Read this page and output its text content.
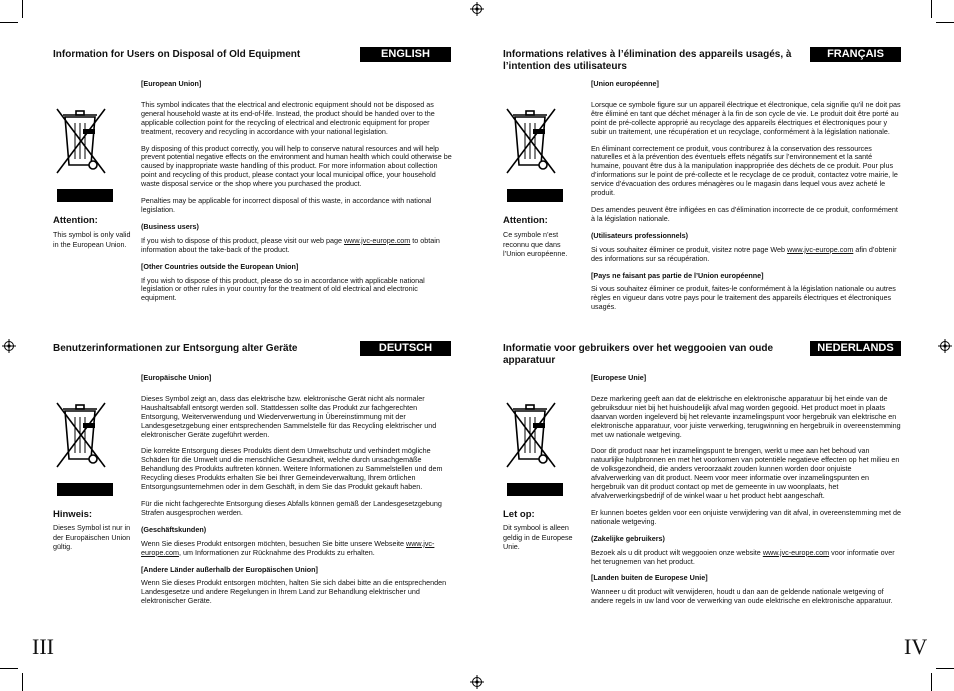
III	IV
Information for Users on Disposal of Old Equipment	ENGLISH
Attention:
This symbol is only valid in the European Union.

[European Union]

This symbol indicates that the electrical and electronic equipment should not be disposed as general household waste at its end-of-life. Instead, the product should be handed over to the applicable collection point for the recycling of electrical and electronic equipment for proper treatment, recovery and recycling in accordance with your national legislation.

By disposing of this product correctly, you will help to conserve natural resources and will help prevent potential negative effects on the environment and human health which could otherwise be caused by inappropriate waste handling of this product. For more information about collection point and recycling of this product, please contact your local municipal office, your household waste disposal service or the shop where you purchased the product.

Penalties may be applicable for incorrect disposal of this waste, in accordance with national legislation.

(Business users)

If you wish to dispose of this product, please visit our web page www.jvc-europe.com to obtain information about the take-back of the product.

[Other Countries outside the European Union]

If you wish to dispose of this product, please do so in accordance with applicable national legislation or other rules in your country for the treatment of old electrical and electronic equipment.

Informations relatives à l’élimination des appareils usagés, à l’intention des utilisateurs
FRANÇAIS
Attention:
Ce symbole n’est reconnu que dans l’Union européenne.

[Union européenne]

Lorsque ce symbole figure sur un appareil électrique et électronique, cela signifie qu’il ne doit pas être éliminé en tant que déchet ménager à la fin de son cycle de vie. Le produit doit être porté au point de pré-collecte approprié au recyclage des appareils électriques et électroniques pour y subir un traitement, une récupération et un recyclage, conformément à la législation nationale.

En éliminant correctement ce produit, vous contriburez à la conservation des ressources naturelles et à la prévention des éventuels effets négatifs sur l’environnement et la santé humaine, pouvant être dus à la manipulation inappropriée des déchets de ce produit. Pour plus d’informations sur le point de pré-collecte et le recyclage de ce produit, contactez votre mairie, le service d’évacuation des ordures ménagères ou le magasin dans lequel vous avez acheté le produit.

Des amendes peuvent être infligées en cas d’élimination incorrecte de ce produit, conformément à la législation nationale.

(Utilisateurs professionnels)

Si vous souhaitez éliminer ce produit, visitez notre page Web www.jvc-europe.com afin d’obtenir des informations sur sa récupération.

[Pays ne faisant pas partie de l’Union européenne]

Si vous souhaitez éliminer ce produit, faites-le conformément à la législation nationale ou autres règles en vigueur dans votre pays pour le traitement des appareils électriques et électroniques usagés.

Benutzerinformationen zur Entsorgung alter Geräte	DEUTSCH
Hinweis:
Dieses Symbol ist nur in der Europäischen Union gültig.

[Europäische Union]

Dieses Symbol zeigt an, dass das elektrische bzw. elektronische Gerät nicht als normaler Haushaltsabfall entsorgt werden soll. Stattdessen sollte das Produkt zur fachgerechten Entsorgung, Weiterverwendung und Wiederverwertung in Übereinstimmung mit der Landesgesetzgebung einer entsprechenden Sammelstelle für das Recycling elektrischer und elektronischer Geräte zugeführt werden.

Die korrekte Entsorgung dieses Produkts dient dem Umweltschutz und verhindert mögliche Schäden für die Umwelt und die menschliche Gesundheit, welche durch unsachgemäße Behandlung des Produkts auftreten können. Weitere Informationen zu Sammelstellen und dem Recycling dieses Produkts erhalten Sie bei Ihrer Gemeindeverwaltung, Ihrem örtlichen Entsorgungsunternehmen oder in dem Geschäft, in dem Sie das Produkt gekauft haben.

Für die nicht fachgerechte Entsorgung dieses Abfalls können gemäß der Landesgesetzgebung Strafen ausgesprochen werden.

(Geschäftskunden)

Wenn Sie dieses Produkt entsorgen möchten, besuchen Sie bitte unsere Webseite www.jvc-europe.com, um Informationen zur Rücknahme des Produkts zu erhalten.

[Andere Länder außerhalb der Europäischen Union]

Wenn Sie dieses Produkt entsorgen möchten, halten Sie sich dabei bitte an die entsprechenden Landesgesetze und andere Regelungen in Ihrem Land zur Behandlung elektrischer und elektronischer Geräte.

Informatie voor gebruikers over het weggooien van oude apparatuur
NEDERLANDS
Let op:
Dit symbool is alleen geldig in de Europese Unie.

[Europese Unie]

Deze markering geeft aan dat de elektrische en elektronische apparatuur bij het einde van de gebruiksduur niet bij het huishoudelijk afval mag worden gegooid. Het product moet in plaats daarvan worden ingeleverd bij het relevante inzamelingspunt voor hergebruik van elektrische en elektronische apparatuur, voor juiste verwerking, terugwinning en hergebruik in overeenstemming met uw nationale wetgeving.

Door dit product naar het inzamelingspunt te brengen, werkt u mee aan het behoud van natuurlijke hulpbronnen en met het voorkomen van potentiële negatieve effecten op het milieu en de volksgezondheid, die anders veroorzaakt zouden kunnen worden door onjuiste afvalverwerking van dit product. Neem voor meer informatie over inzamelingspunten en hergebruik van dit product contact op met de gemeente in uw woonplaats, het afvalverwerkingsbedrijf of de winkel waar u het product hebt aangeschaft.

Er kunnen boetes gelden voor een onjuiste verwijdering van dit afval, in overeenstemming met de nationale wetgeving.

(Zakelijke gebruikers)

Bezoek als u dit product wilt weggooien onze website www.jvc-europe.com voor informatie over het terugnemen van het product.

[Landen buiten de Europese Unie]

Wanneer u dit product wilt verwijderen, houdt u dan aan de geldende nationale wetgeving of andere regels in uw land voor de verwerking van oude elektrische en elektronische apparatuur.
